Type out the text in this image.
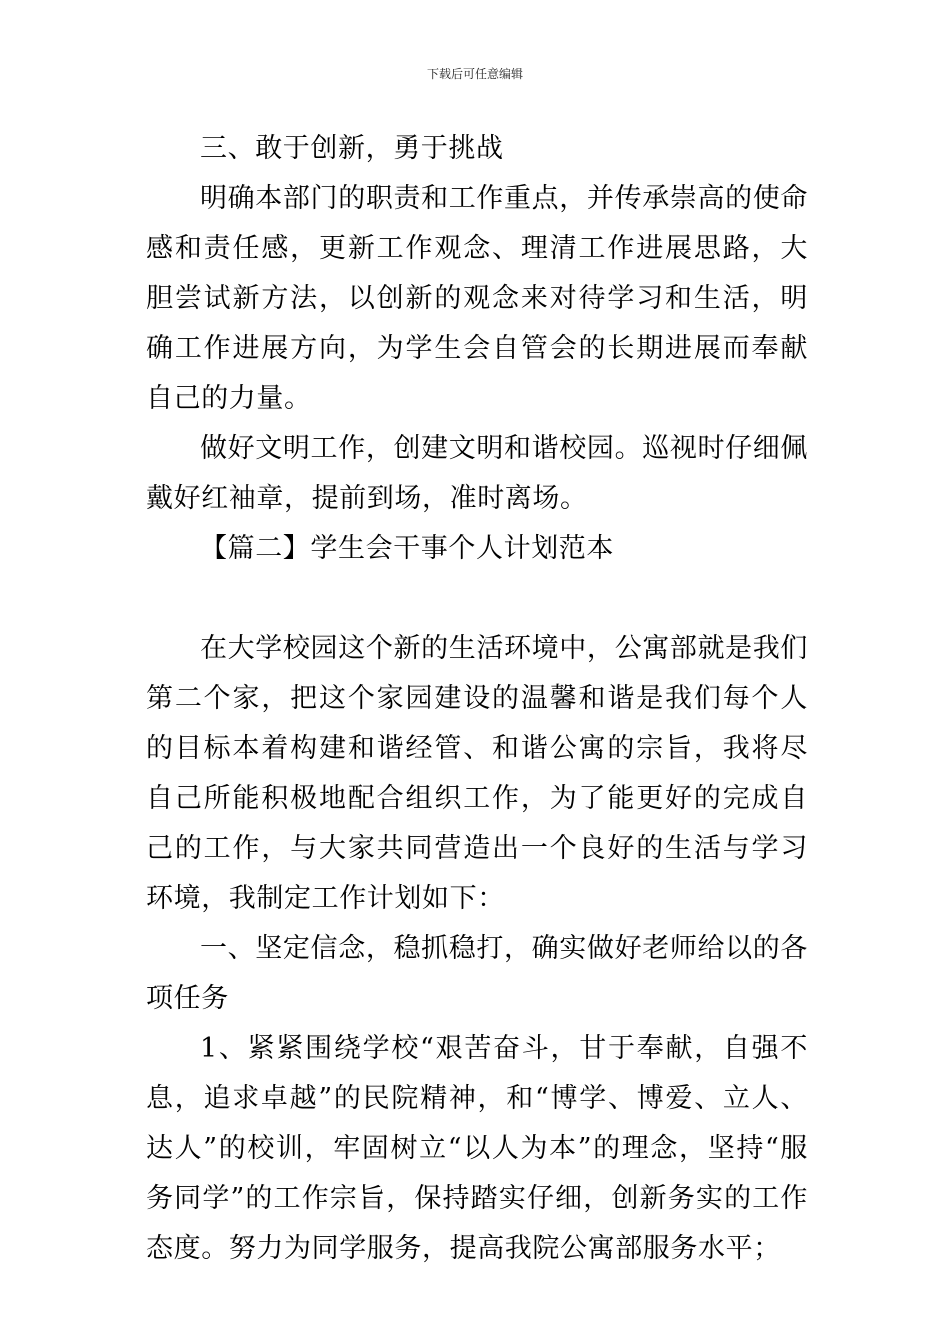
下载后可任意编辑

三、敢于创新，勇于挑战

明确本部门的职责和工作重点，并传承崇高的使命感和责任感，更新工作观念、理清工作进展思路，大胆尝试新方法，以创新的观念来对待学习和生活，明确工作进展方向，为学生会自管会的长期进展而奉献自己的力量。

做好文明工作，创建文明和谐校园。巡视时仔细佩戴好红袖章，提前到场，准时离场。

【篇二】学生会干事个人计划范本

在大学校园这个新的生活环境中，公寓部就是我们第二个家，把这个家园建设的温馨和谐是我们每个人的目标本着构建和谐经管、和谐公寓的宗旨，我将尽自己所能积极地配合组织工作，为了能更好的完成自己的工作，与大家共同营造出一个良好的生活与学习环境，我制定工作计划如下：

一、坚定信念，稳抓稳打，确实做好老师给以的各项任务

1、紧紧围绕学校“艰苦奋斗，甘于奉献，自强不息，追求卓越”的民院精神，和“博学、博爱、立人、达人”的校训，牢固树立“以人为本”的理念，坚持“服务同学”的工作宗旨，保持踏实仔细，创新务实的工作态度。努力为同学服务，提高我院公寓部服务水平；
